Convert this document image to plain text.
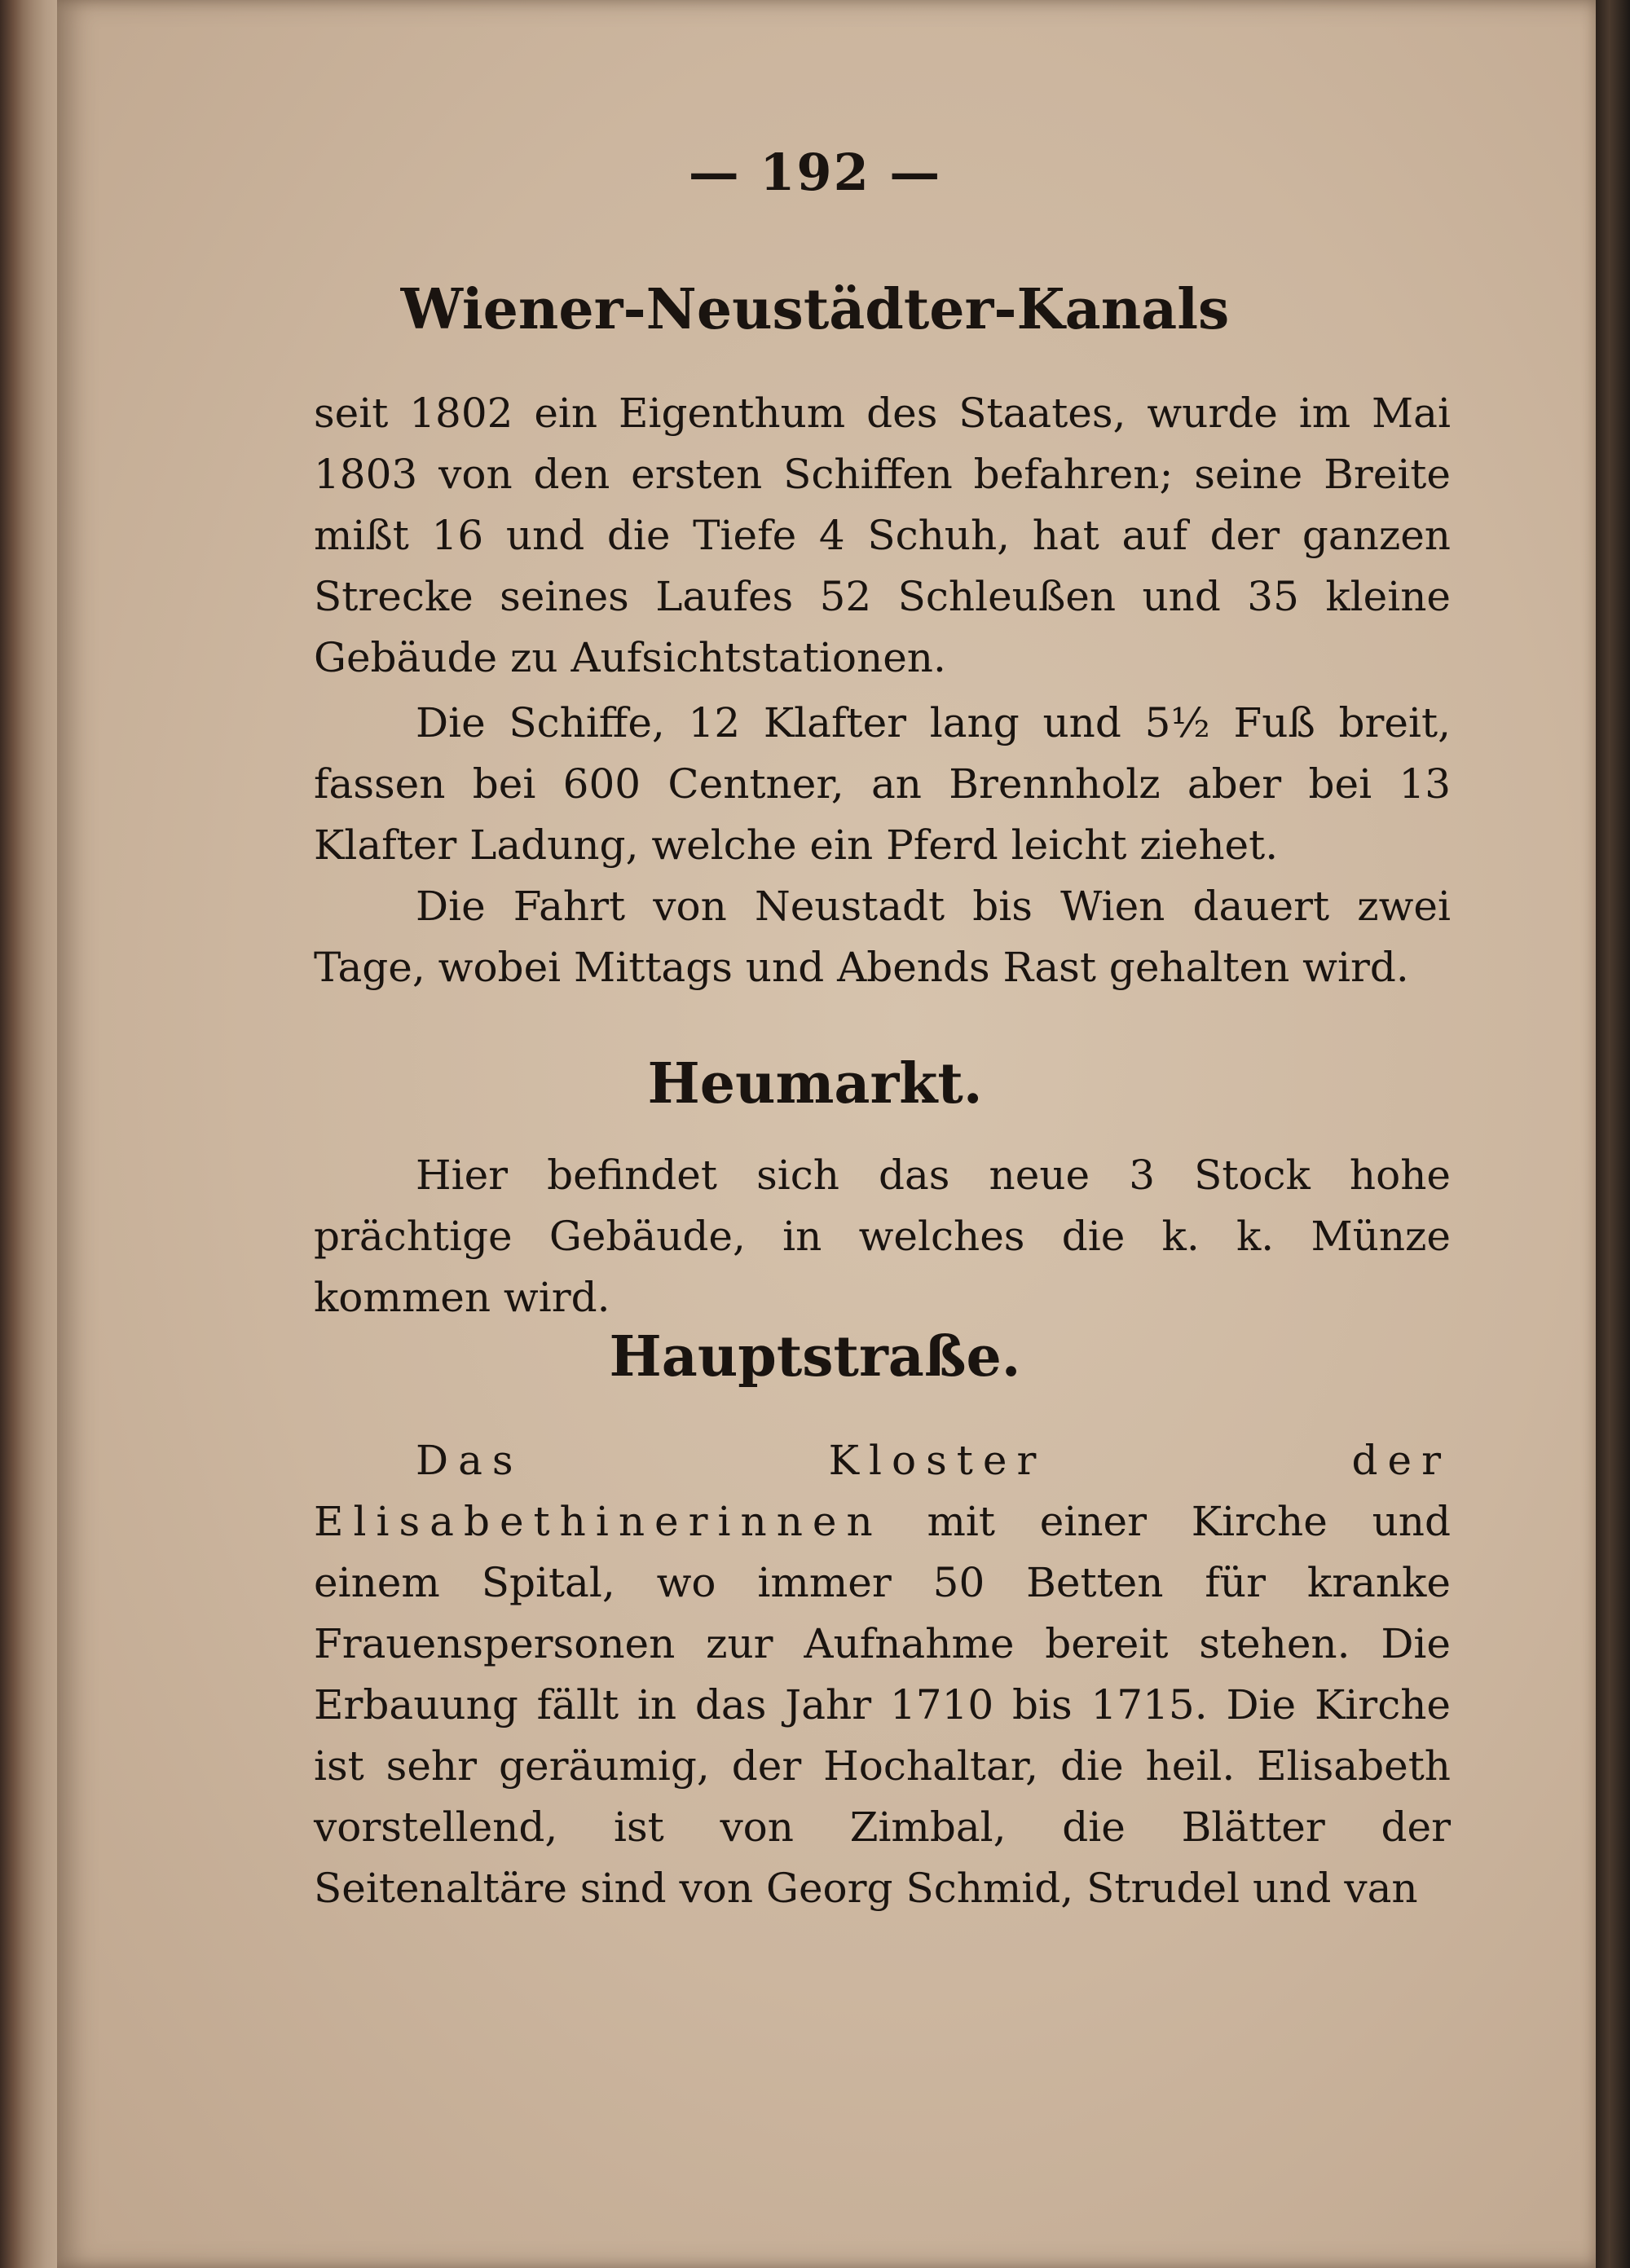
— 192 —
Wiener-Neustädter-Kanals

seit 1802 ein Eigenthum des Staates, wurde im Mai 1803 von den ersten Schiffen befahren; seine Breite mißt 16 und die Tiefe 4 Schuh, hat auf der ganzen Strecke seines Laufes 52 Schleußen und 35 kleine Gebäude zu Aufsichtstationen.

Die Schiffe, 12 Klafter lang und 5½ Fuß breit, fassen bei 600 Centner, an Brennholz aber bei 13 Klafter Ladung, welche ein Pferd leicht ziehet.

Die Fahrt von Neustadt bis Wien dauert zwei Tage, wobei Mittags und Abends Rast gehalten wird.

Heumarkt.

Hier befindet sich das neue 3 Stock hohe prächtige Gebäude, in welches die k. k. Münze kommen wird.

Hauptstraße.

Das Kloster der Elisabethinerinnen mit einer Kirche und einem Spital, wo immer 50 Betten für kranke Frauenspersonen zur Aufnahme bereit stehen. Die Erbauung fällt in das Jahr 1710 bis 1715. Die Kirche ist sehr geräumig, der Hochaltar, die heil. Elisabeth vorstellend, ist von Zimbal, die Blätter der Seitenaltäre sind von Georg Schmid, Strudel und van
